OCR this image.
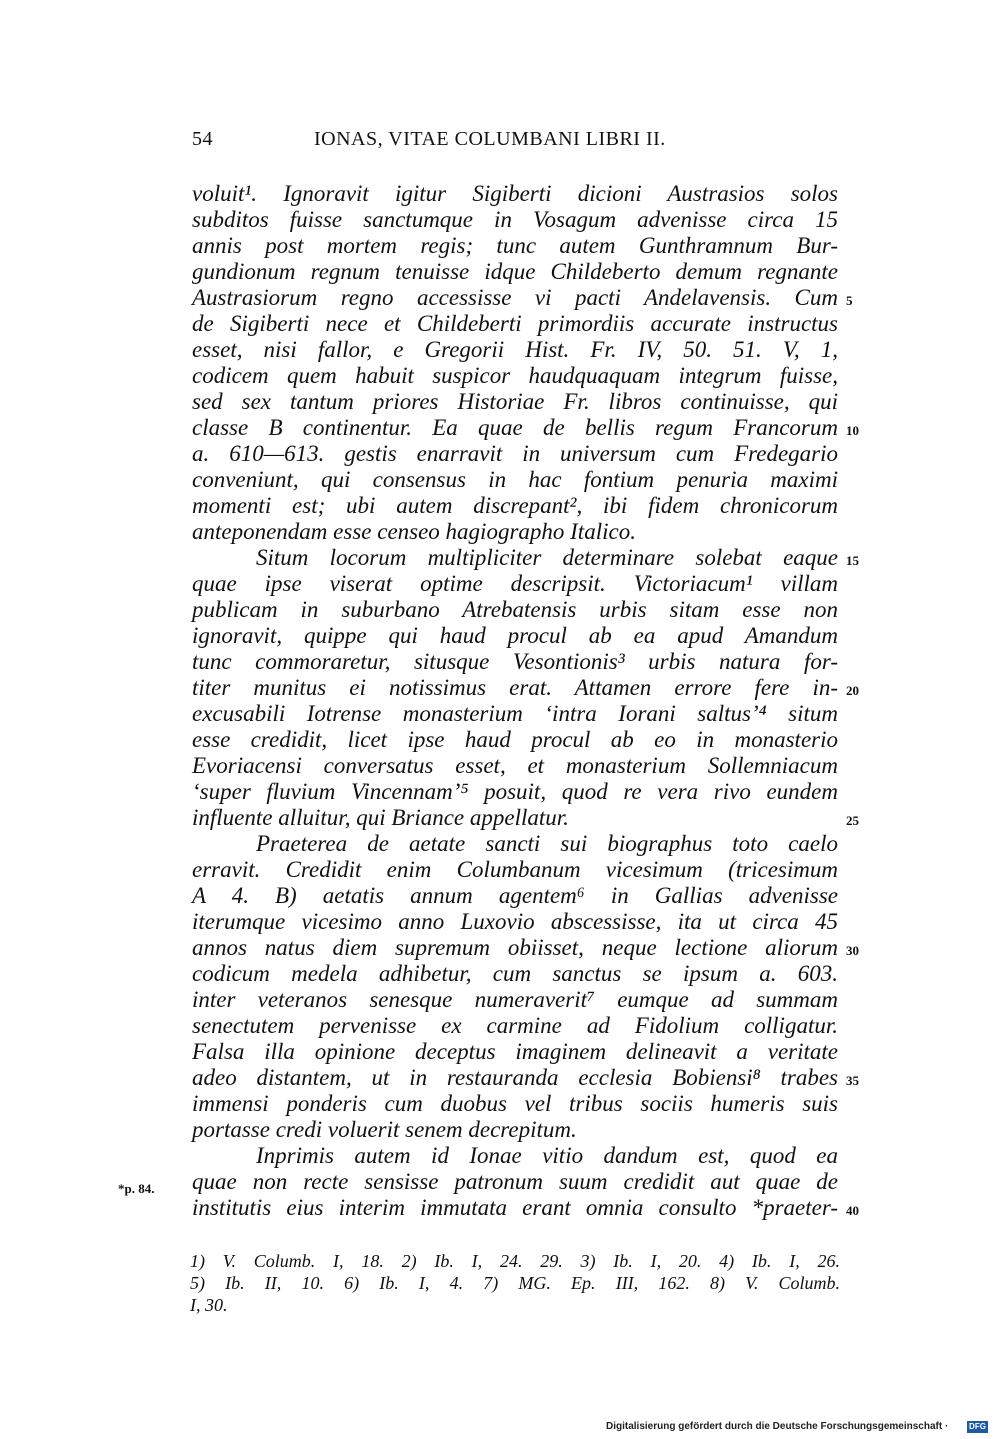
54	IONAS, VITAE COLUMBANI LIBRI II.
voluit¹. Ignoravit igitur Sigiberti dicioni Austrasios solos
subditos fuisse sanctumque in Vosagum advenisse circa 15
annis post mortem regis; tunc autem Gunthramnum Bur-
gundionum regnum tenuisse idque Childeberto demum regnante
Austrasiorum regno accessisse vi pacti Andelavensis. Cum
de Sigiberti nece et Childeberti primordiis accurate instructus
esset, nisi fallor, e Gregorii Hist. Fr. IV, 50. 51. V, 1,
codicem quem habuit suspicor haudquaquam integrum fuisse,
sed sex tantum priores Historiae Fr. libros continuisse, qui
classe B continentur. Ea quae de bellis regum Francorum
a. 610—613. gestis enarravit in universum cum Fredegario
conveniunt, qui consensus in hac fontium penuria maximi
momenti est; ubi autem discrepant², ibi fidem chronicorum
anteponendam esse censeo hagiographo Italico.
Situm locorum multipliciter determinare solebat eaque
quae ipse viserat optime descripsit. Victoriacum¹ villam
publicam in suburbano Atrebatensis urbis sitam esse non
ignoravit, quippe qui haud procul ab ea apud Amandum
tunc commoraretur, situsque Vesontionis³ urbis natura for-
titer munitus ei notissimus erat. Attamen errore fere in-
excusabili Iotrense monasterium ‘intra Iorani saltus’⁴ situm
esse credidit, licet ipse haud procul ab eo in monasterio
Evoriacensi conversatus esset, et monasterium Sollemniacum
‘super fluvium Vincennam’⁵ posuit, quod re vera rivo eundem
influente alluitur, qui Briance appellatur.
Praeterea de aetate sancti sui biographus toto caelo
erravit. Credidit enim Columbanum vicesimum (tricesimum
A 4. B) aetatis annum agentem⁶ in Gallias advenisse
iterumque vicesimo anno Luxovio abscessisse, ita ut circa 45
annos natus diem supremum obiisset, neque lectione aliorum
codicum medela adhibetur, cum sanctus se ipsum a. 603.
inter veteranos senesque numeraverit⁷ eumque ad summam
senectutem pervenisse ex carmine ad Fidolium colligatur.
Falsa illa opinione deceptus imaginem delineavit a veritate
adeo distantem, ut in restauranda ecclesia Bobiensi⁸ trabes
immensi ponderis cum duobus vel tribus sociis humeris suis
portasse credi voluerit senem decrepitum.
Inprimis autem id Ionae vitio dandum est, quod ea
quae non recte sensisse patronum suum credidit aut quae de
institutis eius interim immutata erant omnia consulto *praeter-
5
10
15
20
25
30
35
40
*p. 84.
1) V. Columb. I, 18. 2) Ib. I, 24. 29. 3) Ib. I, 20. 4) Ib. I, 26.
5) Ib. II, 10. 6) Ib. I, 4. 7) MG. Ep. III, 162. 8) V. Columb.
I, 30.
Digitalisierung gefördert durch die Deutsche Forschungsgemeinschaft ·	DFG
